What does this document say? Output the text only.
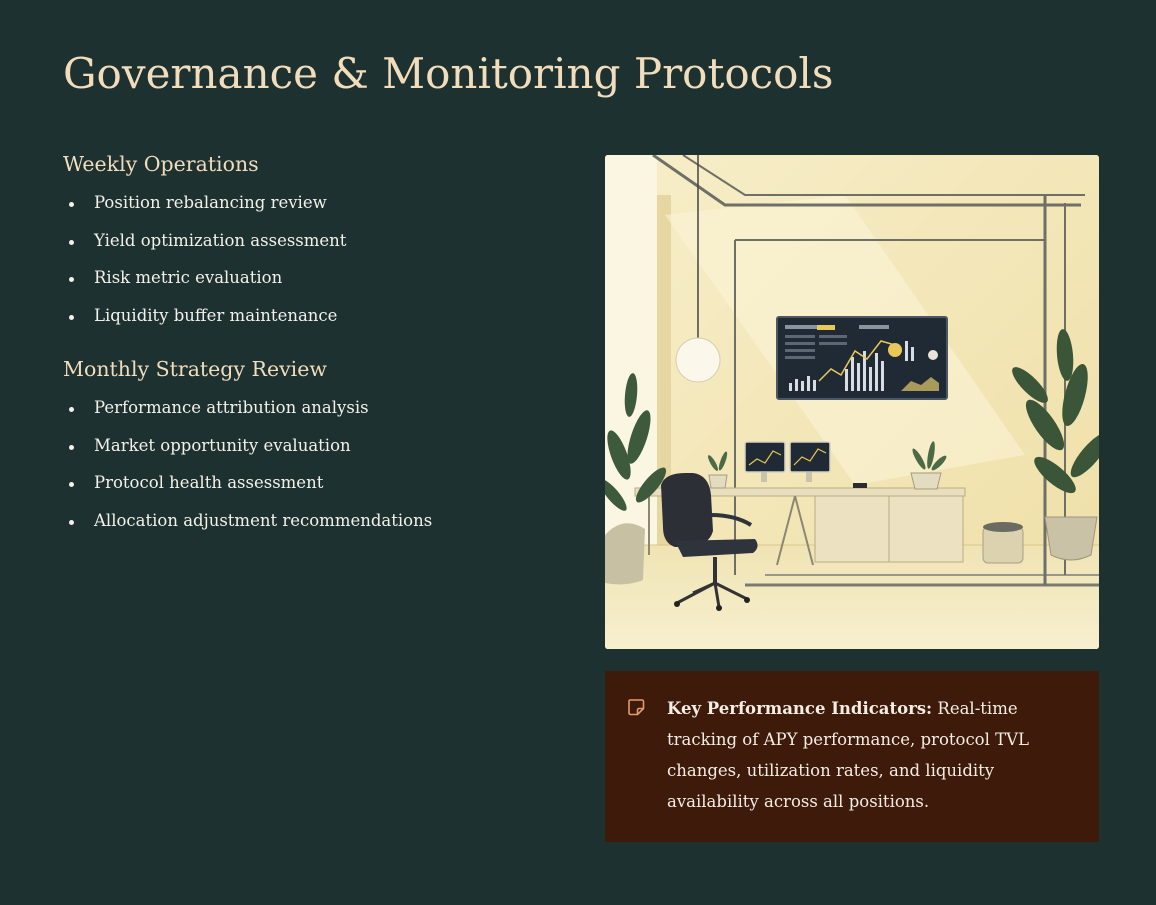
Governance & Monitoring Protocols
Weekly Operations
Position rebalancing review
Yield optimization assessment
Risk metric evaluation
Liquidity buffer maintenance
Monthly Strategy Review
Performance attribution analysis
Market opportunity evaluation
Protocol health assessment
Allocation adjustment recommendations

Key Performance Indicators: Real-time tracking of APY performance, protocol TVL changes, utilization rates, and liquidity availability across all positions.
